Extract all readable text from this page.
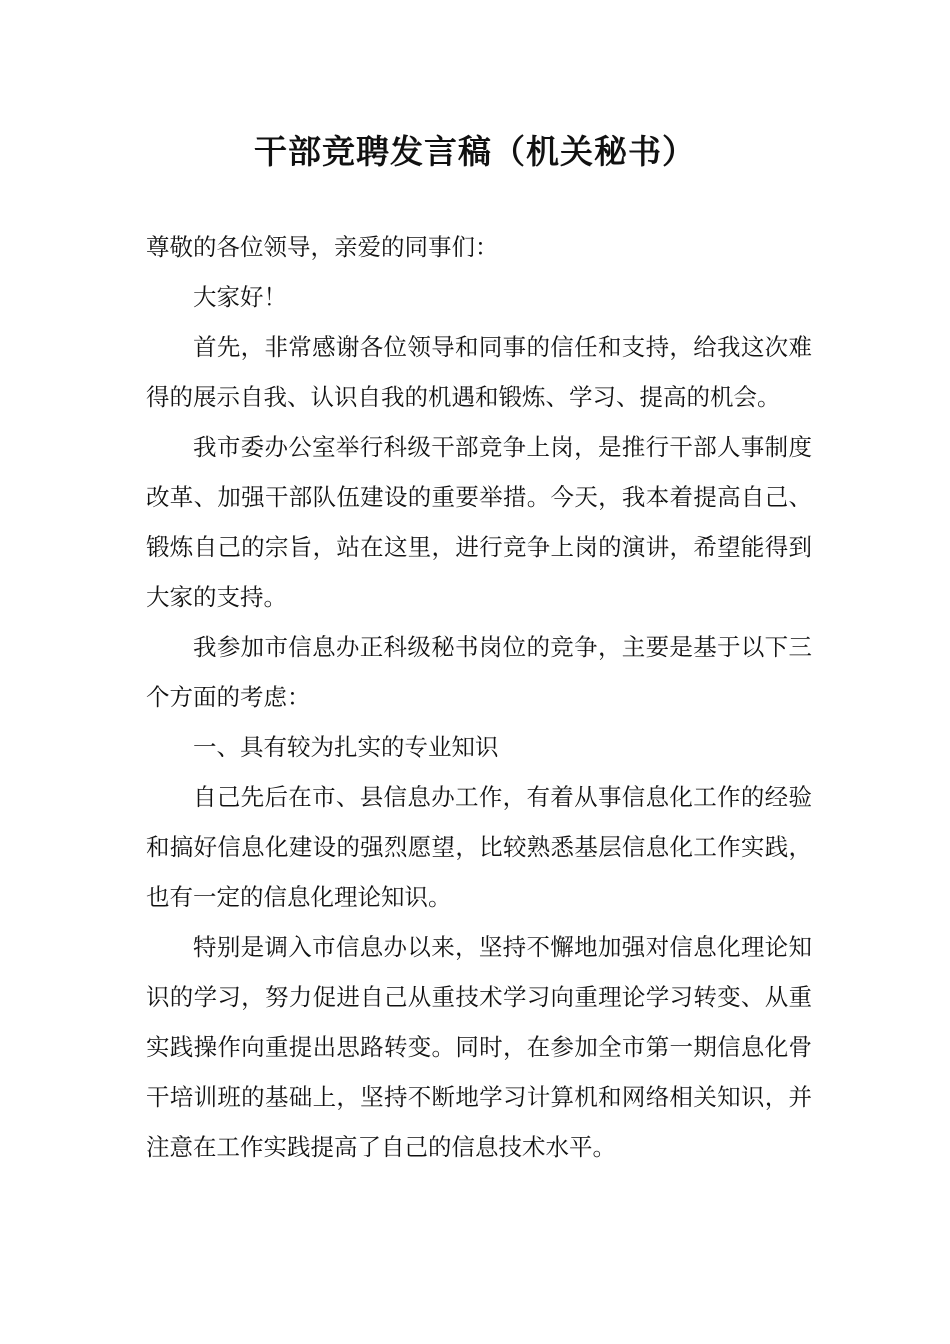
干部竞聘发言稿（机关秘书）

尊敬的各位领导，亲爱的同事们：

大家好！

首先，非常感谢各位领导和同事的信任和支持，给我这次难得的展示自我、认识自我的机遇和锻炼、学习、提高的机会。

我市委办公室举行科级干部竞争上岗，是推行干部人事制度改革、加强干部队伍建设的重要举措。今天，我本着提高自己、锻炼自己的宗旨，站在这里，进行竞争上岗的演讲，希望能得到大家的支持。

我参加市信息办正科级秘书岗位的竞争，主要是基于以下三个方面的考虑：

一、具有较为扎实的专业知识

自己先后在市、县信息办工作，有着从事信息化工作的经验和搞好信息化建设的强烈愿望，比较熟悉基层信息化工作实践，也有一定的信息化理论知识。

特别是调入市信息办以来，坚持不懈地加强对信息化理论知识的学习，努力促进自己从重技术学习向重理论学习转变、从重实践操作向重提出思路转变。同时，在参加全市第一期信息化骨干培训班的基础上，坚持不断地学习计算机和网络相关知识，并注意在工作实践提高了自己的信息技术水平。
